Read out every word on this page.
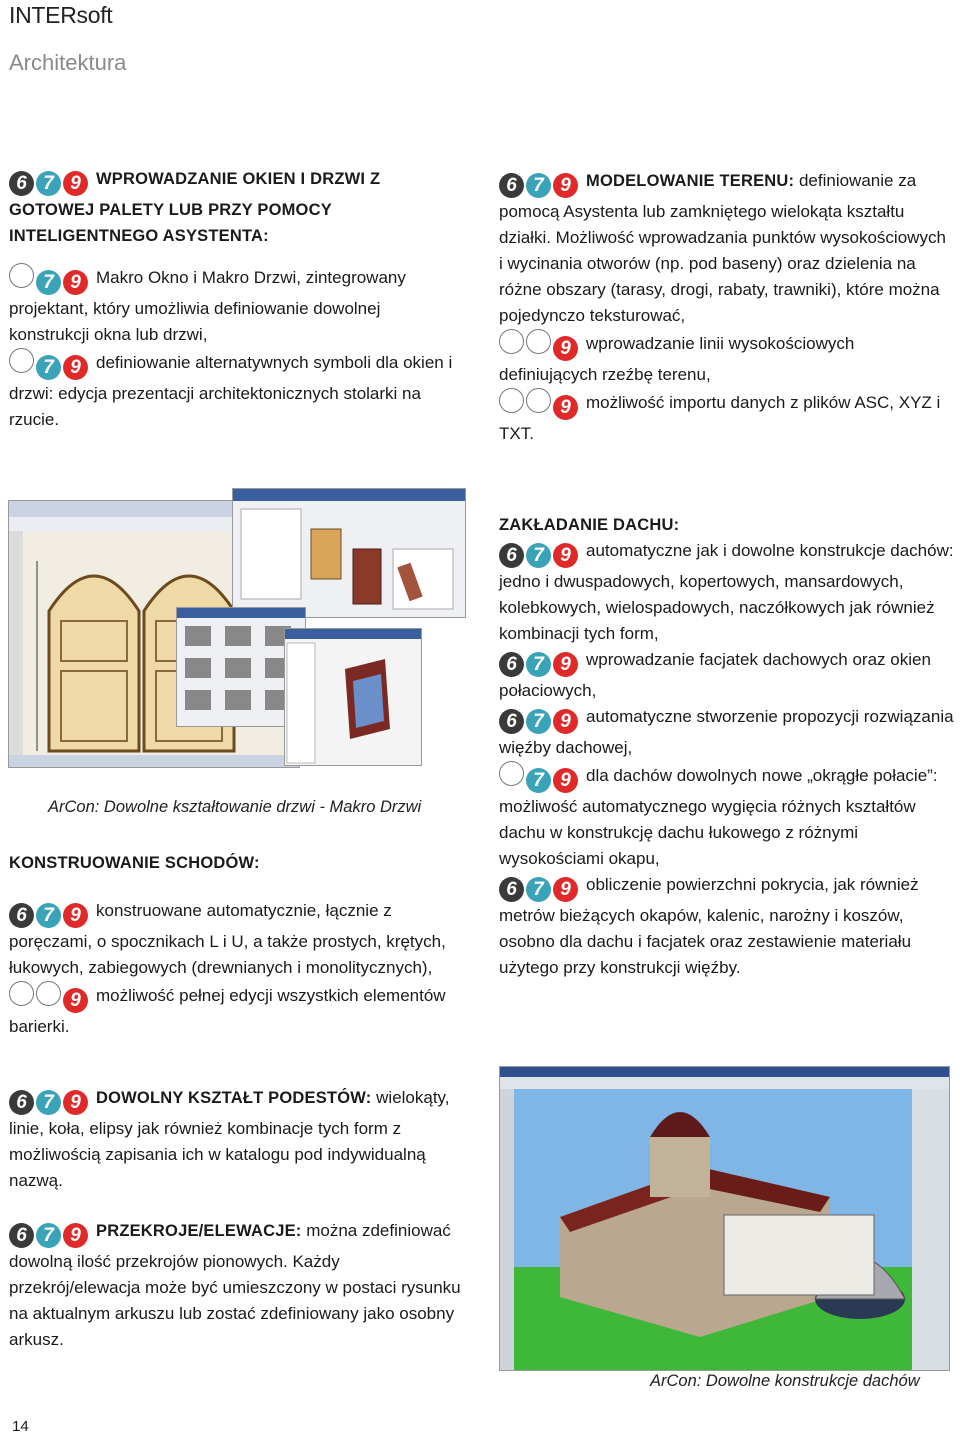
INTERsoft
Architektura

6 7 9 WPROWADZANIE OKIEN I DRZWI Z GOTOWEJ PALETY LUB PRZY POMOCY INTELIGENTNEGO ASYSTENTA:

7 9 Makro Okno i Makro Drzwi, zintegrowany projektant, który umożliwia definiowanie dowolnej konstrukcji okna lub drzwi,

7 9 definiowanie alternatywnych symboli dla okien i drzwi: edycja prezentacji architektonicznych stolarki na rzucie.

ArCon: Dowolne kształtowanie drzwi - Makro Drzwi

KONSTRUOWANIE SCHODÓW:

6 7 9 konstruowane automatycznie, łącznie z poręczami, o spocznikach L i U, a także prostych, krętych, łukowych, zabiegowych (drewnianych i monolitycznych),

9 możliwość pełnej edycji wszystkich elementów barierki.

6 7 9 DOWOLNY KSZTAŁT PODESTÓW: wielokąty, linie, koła, elipsy jak również kombinacje tych form z możliwością zapisania ich w katalogu pod indywidualną nazwą.

6 7 9 PRZEKROJE/ELEWACJE: można zdefiniować dowolną ilość przekrojów pionowych. Każdy przekrój/elewacja może być umieszczony w postaci rysunku na aktualnym arkuszu lub zostać zdefiniowany jako osobny arkusz.

6 7 9 MODELOWANIE TERENU: definiowanie za pomocą Asystenta lub zamkniętego wielokąta kształtu działki. Możliwość wprowadzania punktów wysokościowych i wycinania otworów (np. pod baseny) oraz dzielenia na różne obszary (tarasy, drogi, rabaty, trawniki), które można pojedynczo teksturować,

9 wprowadzanie linii wysokościowych definiujących rzeźbę terenu,

9 możliwość importu danych z plików ASC, XYZ i TXT.

ZAKŁADANIE DACHU:

6 7 9 automatyczne jak i dowolne konstrukcje dachów: jedno i dwuspadowych, kopertowych, mansardowych, kolebkowych, wielospadowych, naczółkowych jak również kombinacji tych form,

6 7 9 wprowadzanie facjatek dachowych oraz okien połaciowych,

6 7 9 automatyczne stworzenie propozycji rozwiązania więźby dachowej,

7 9 dla dachów dowolnych nowe „okrągłe połacie”: możliwość automatycznego wygięcia różnych kształtów dachu w konstrukcję dachu łukowego z różnymi wysokościami okapu,

6 7 9 obliczenie powierzchni pokrycia, jak również metrów bieżących okapów, kalenic, narożny i koszów, osobno dla dachu i facjatek oraz zestawienie materiału użytego przy konstrukcji więźby.

ArCon: Dowolne konstrukcje dachów
14
